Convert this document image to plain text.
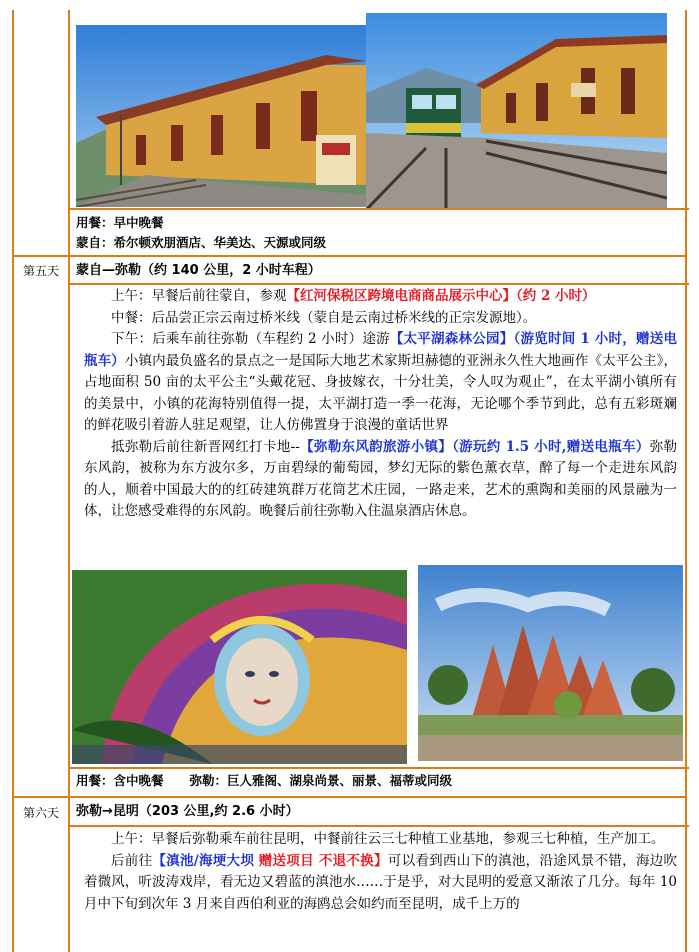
用餐：早中晚餐
蒙自：希尔顿欢朋酒店、华美达、天源或同级
第五天	蒙自—弥勒（约 140 公里，2 小时车程）

上午：早餐后前往蒙自，参观【红河保税区跨境电商商品展示中心】（约 2 小时）

中餐：后品尝正宗云南过桥米线（蒙自是云南过桥米线的正宗发源地）。

下午：后乘车前往弥勒（车程约 2 小时）途游【太平湖森林公园】（游览时间 1 小时，赠送电瓶车）小镇内最负盛名的景点之一是国际大地艺术家斯坦赫德的亚洲永久性大地画作《太平公主》，占地面积 50 亩的太平公主“头戴花冠、身披嫁衣，十分壮美，令人叹为观止”，在太平湖小镇所有的美景中，小镇的花海特别值得一提，太平湖打造一季一花海，无论哪个季节到此，总有五彩斑斓的鲜花吸引着游人驻足观望，让人仿佛置身于浪漫的童话世界

抵弥勒后前往新晋网红打卡地--【弥勒东风韵旅游小镇】（游玩约 1.5 小时,赠送电瓶车）弥勒东风韵，被称为东方波尔多，万亩碧绿的葡萄园，梦幻无际的紫色薰衣草，醉了每一个走进东风韵的人，顺着中国最大的的红砖建筑群万花筒艺术庄园，一路走来，艺术的熏陶和美丽的风景融为一体，让您感受难得的东风韵。晚餐后前往弥勒入住温泉酒店休息。

用餐：含中晚餐 弥勒：巨人雅阁、湖泉尚景、丽景、福蒂或同级
第六天	弥勒→昆明（203 公里,约 2.6 小时）

上午：早餐后弥勒乘车前往昆明，中餐前往云三七种植工业基地，参观三七种植，生产加工。

后前往【滇池/海埂大坝 赠送项目 不退不换】可以看到西山下的滇池，沿途风景不错，海边吹着微风，听波涛戏岸，看无边又碧蓝的滇池水……于是乎，对大昆明的爱意又渐浓了几分。每年 10 月中下旬到次年 3 月来自西伯利亚的海鸥总会如约而至昆明，成千上万的
